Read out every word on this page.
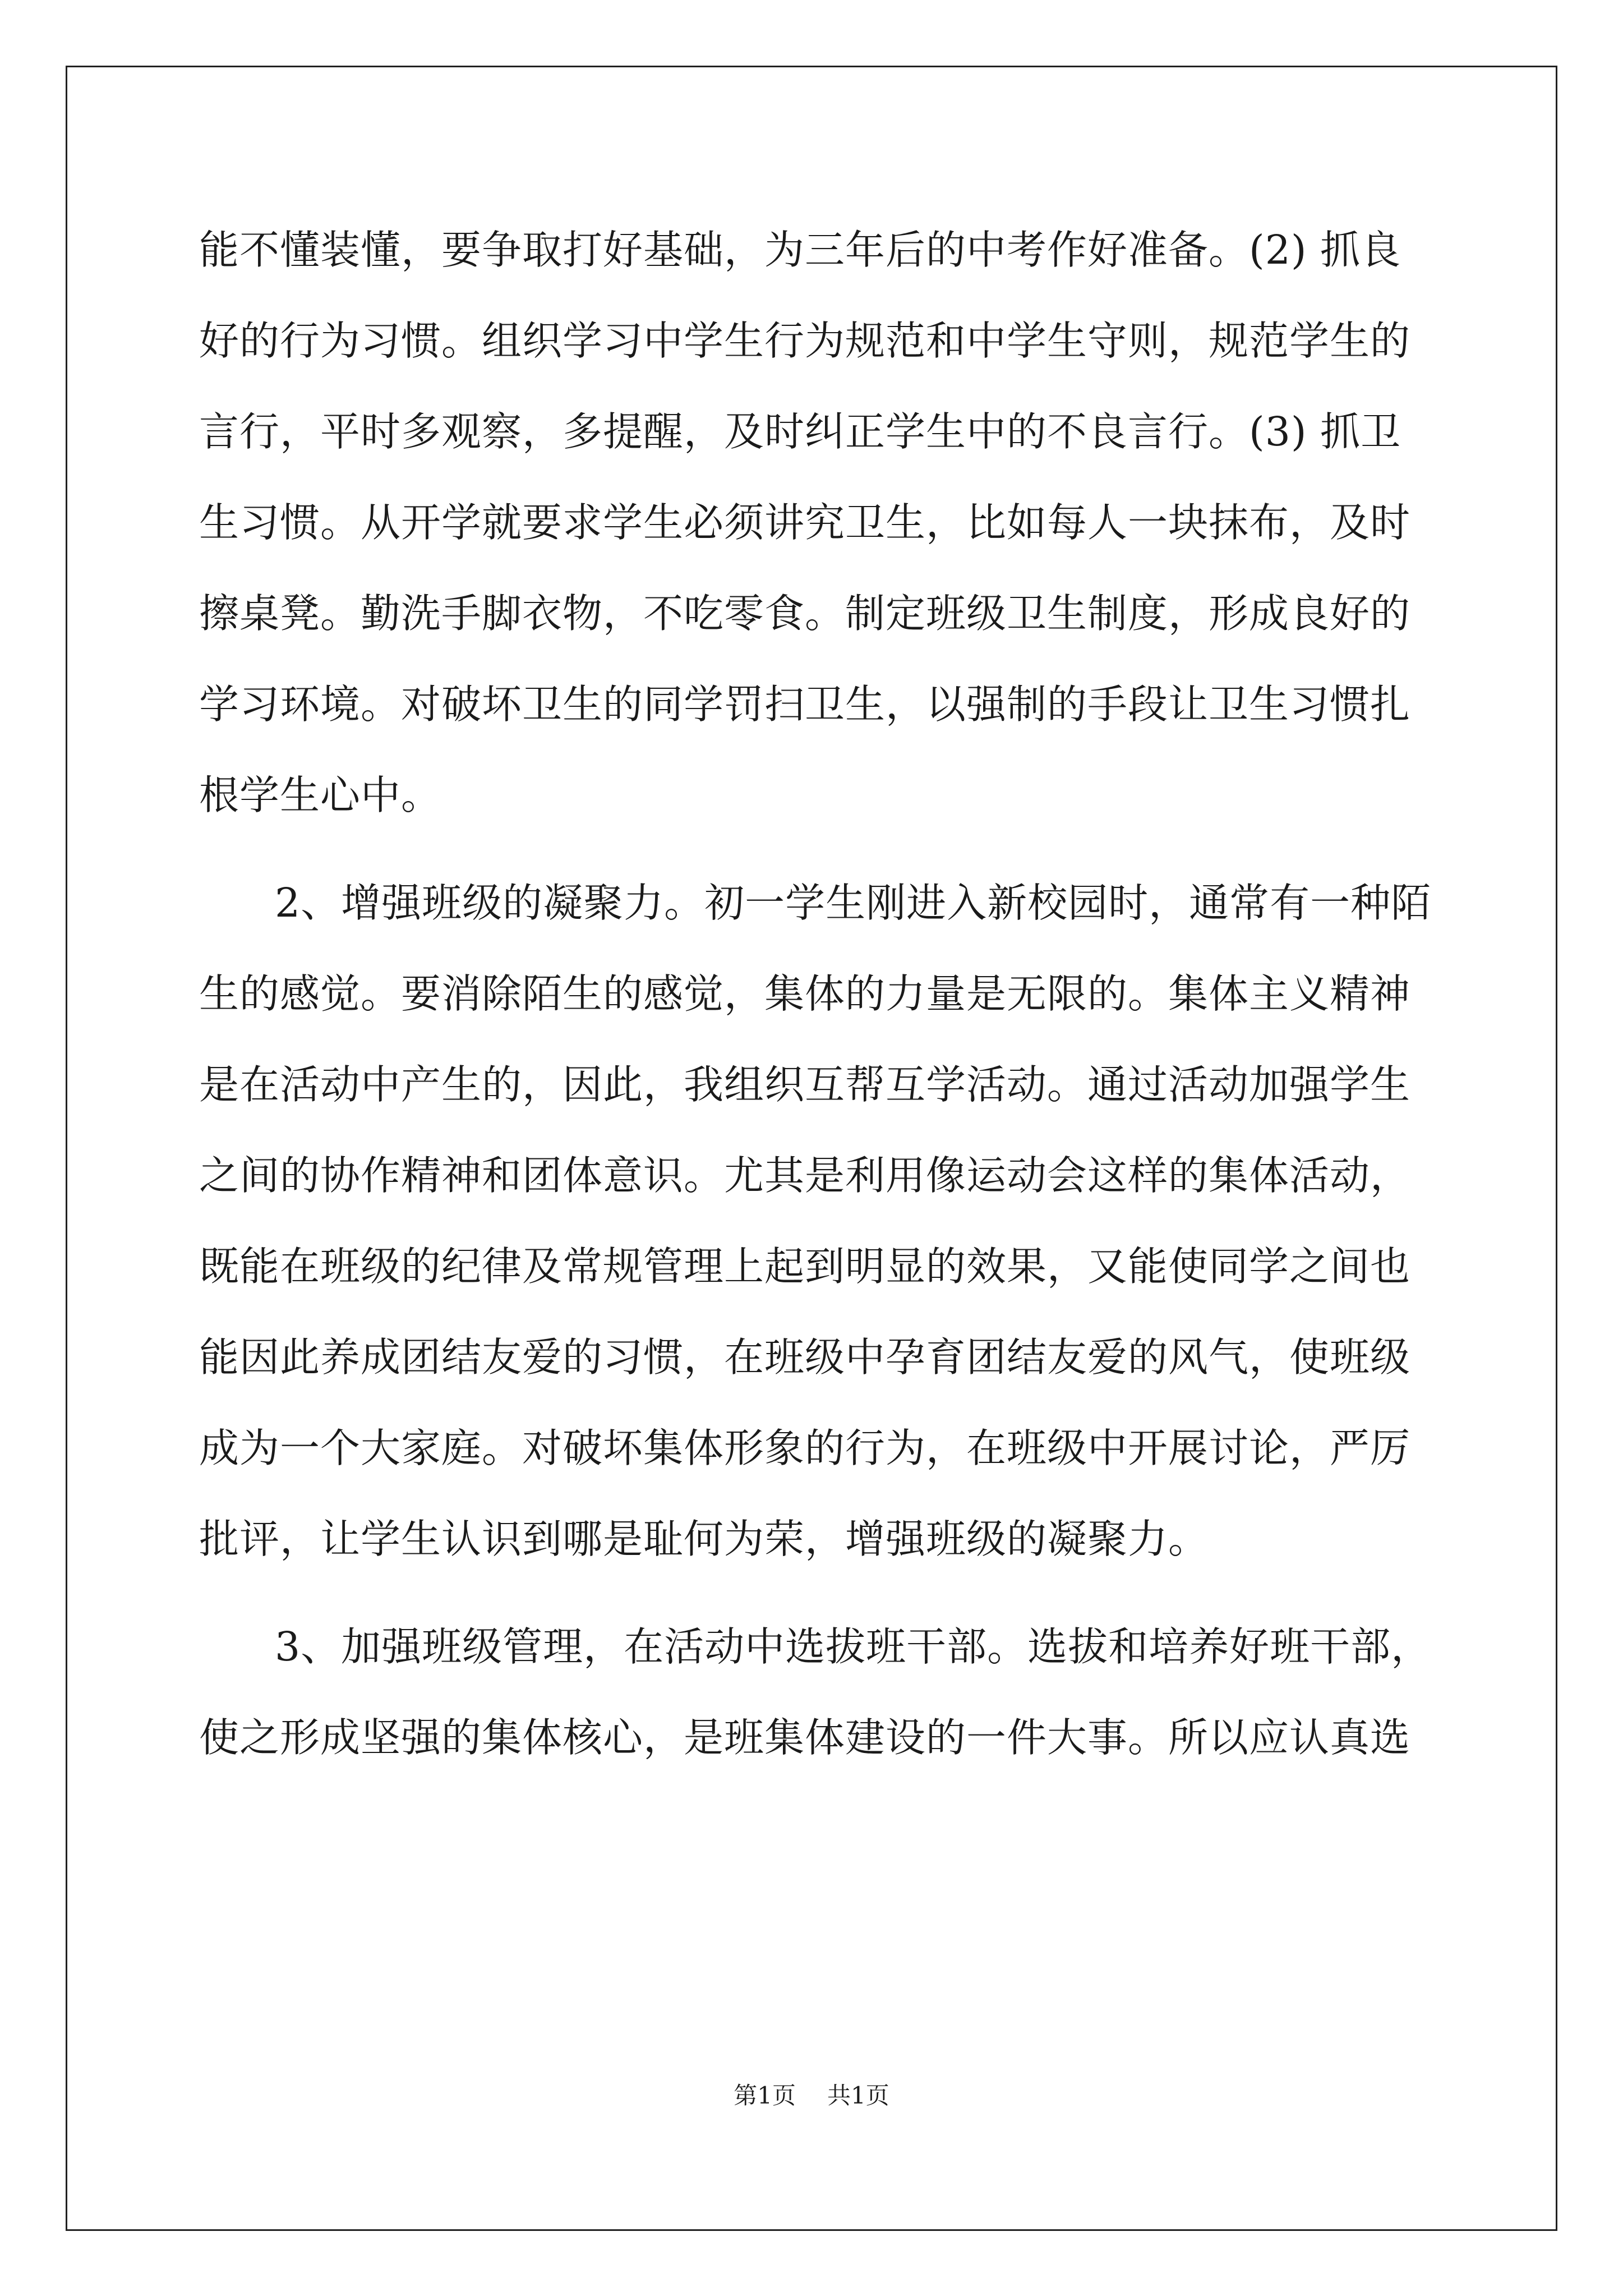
能不懂装懂，要争取打好基础，为三年后的中考作好准备。(2) 抓良
好的行为习惯。组织学习中学生行为规范和中学生守则，规范学生的
言行，平时多观察，多提醒，及时纠正学生中的不良言行。(3) 抓卫
生习惯。从开学就要求学生必须讲究卫生，比如每人一块抹布，及时
擦桌凳。勤洗手脚衣物，不吃零食。制定班级卫生制度，形成良好的
学习环境。对破坏卫生的同学罚扫卫生，以强制的手段让卫生习惯扎
根学生心中。
2、增强班级的凝聚力。初一学生刚进入新校园时，通常有一种陌
生的感觉。要消除陌生的感觉，集体的力量是无限的。集体主义精神
是在活动中产生的，因此，我组织互帮互学活动。通过活动加强学生
之间的协作精神和团体意识。尤其是利用像运动会这样的集体活动，
既能在班级的纪律及常规管理上起到明显的效果，又能使同学之间也
能因此养成团结友爱的习惯，在班级中孕育团结友爱的风气，使班级
成为一个大家庭。对破坏集体形象的行为，在班级中开展讨论，严厉
批评，让学生认识到哪是耻何为荣，增强班级的凝聚力。
3、加强班级管理，在活动中选拔班干部。选拔和培养好班干部，
使之形成坚强的集体核心，是班集体建设的一件大事。所以应认真选
第1页 共1页
